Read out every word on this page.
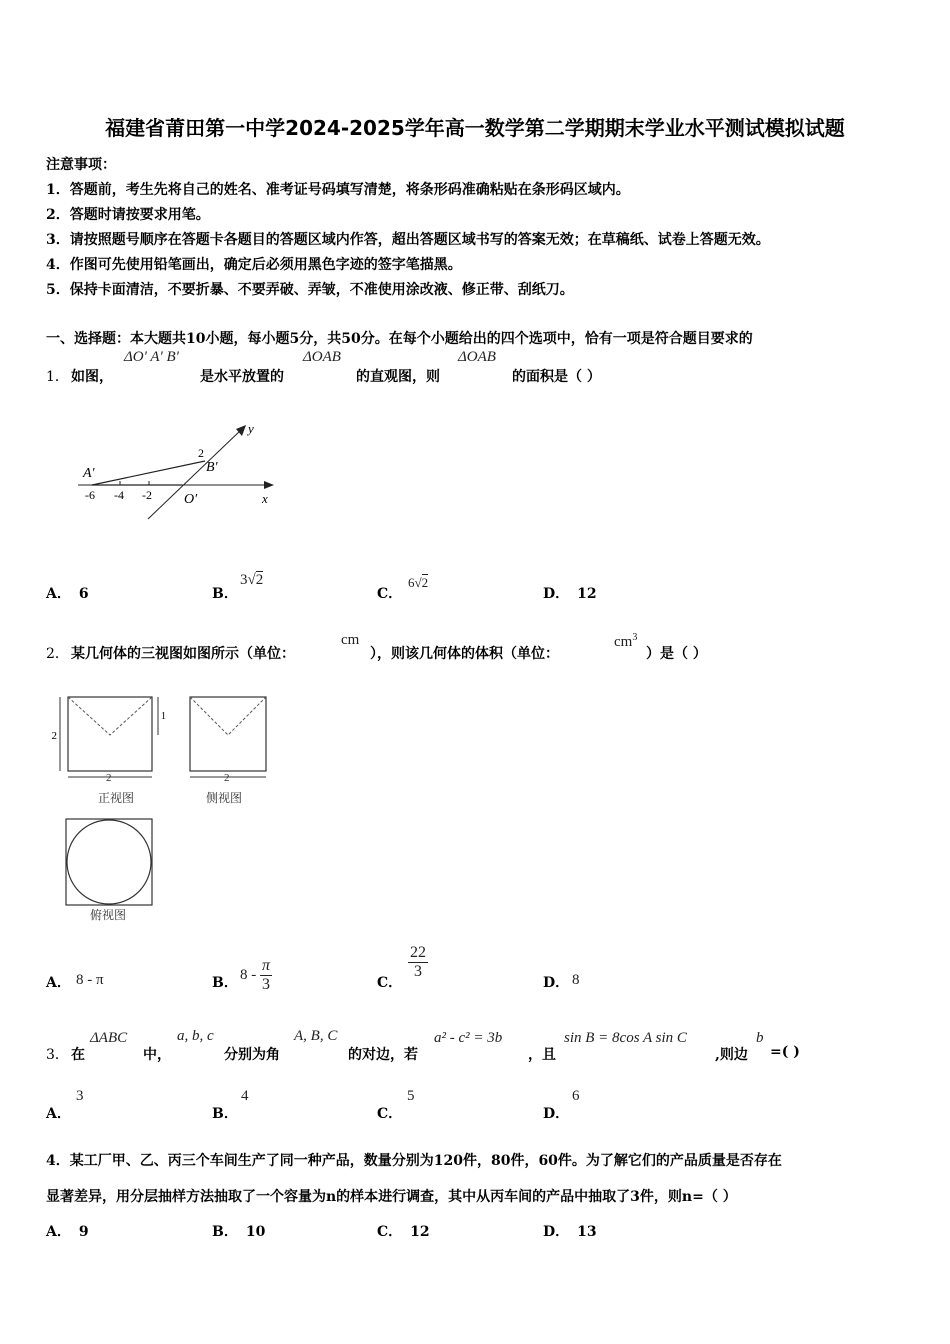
福建省莆田第一中学2024-2025学年高一数学第二学期期末学业水平测试模拟试题
注意事项：
1．答题前，考生先将自己的姓名、准考证号码填写清楚，将条形码准确粘贴在条形码区域内。
2．答题时请按要求用笔。
3．请按照题号顺序在答题卡各题目的答题区域内作答，超出答题区域书写的答案无效；在草稿纸、试卷上答题无效。
4．作图可先使用铅笔画出，确定后必须用黑色字迹的签字笔描黑。
5．保持卡面清洁，不要折暴、不要弄破、弄皱，不准使用涂改液、修正带、刮纸刀。
一、选择题：本大题共10小题，每小题5分，共50分。在每个小题给出的四个选项中，恰有一项是符合题目要求的
1． 如图，
ΔO' A' B'
是水平放置的
ΔOAB
的直观图，则
ΔOAB
的面积是（ ）
y
x
A′	B′
O′
2
-6 -4 -2
A． 6	B．
3√2
C．
6√2
D． 12
2． 某几何体的三视图如图所示（单位：
cm
），则该几何体的体积（单位：
$cm^3$
）是（ ）
2
1
2
正视图
2
侧视图
俯视图
A． 8 - π	B．
$8 - \frac{\pi}{3}$	C．
$\frac{22}{3}$
D． 8
3． 在
ΔABC
中，
a, b, c
分别为角
A, B, C
的对边，若
a² - c² = 3b
，且
sin B = 8cos A sin C
,则边
b
=( )
A．
3
B．
4
C．
5
D．
6
4．某工厂甲、乙、丙三个车间生产了同一种产品，数量分别为120件，80件，60件。为了解它们的产品质量是否存在
显著差异，用分层抽样方法抽取了一个容量为n的样本进行调查，其中从丙车间的产品中抽取了3件，则n=（ ）
A． 9	B． 10	C． 12	D． 13
